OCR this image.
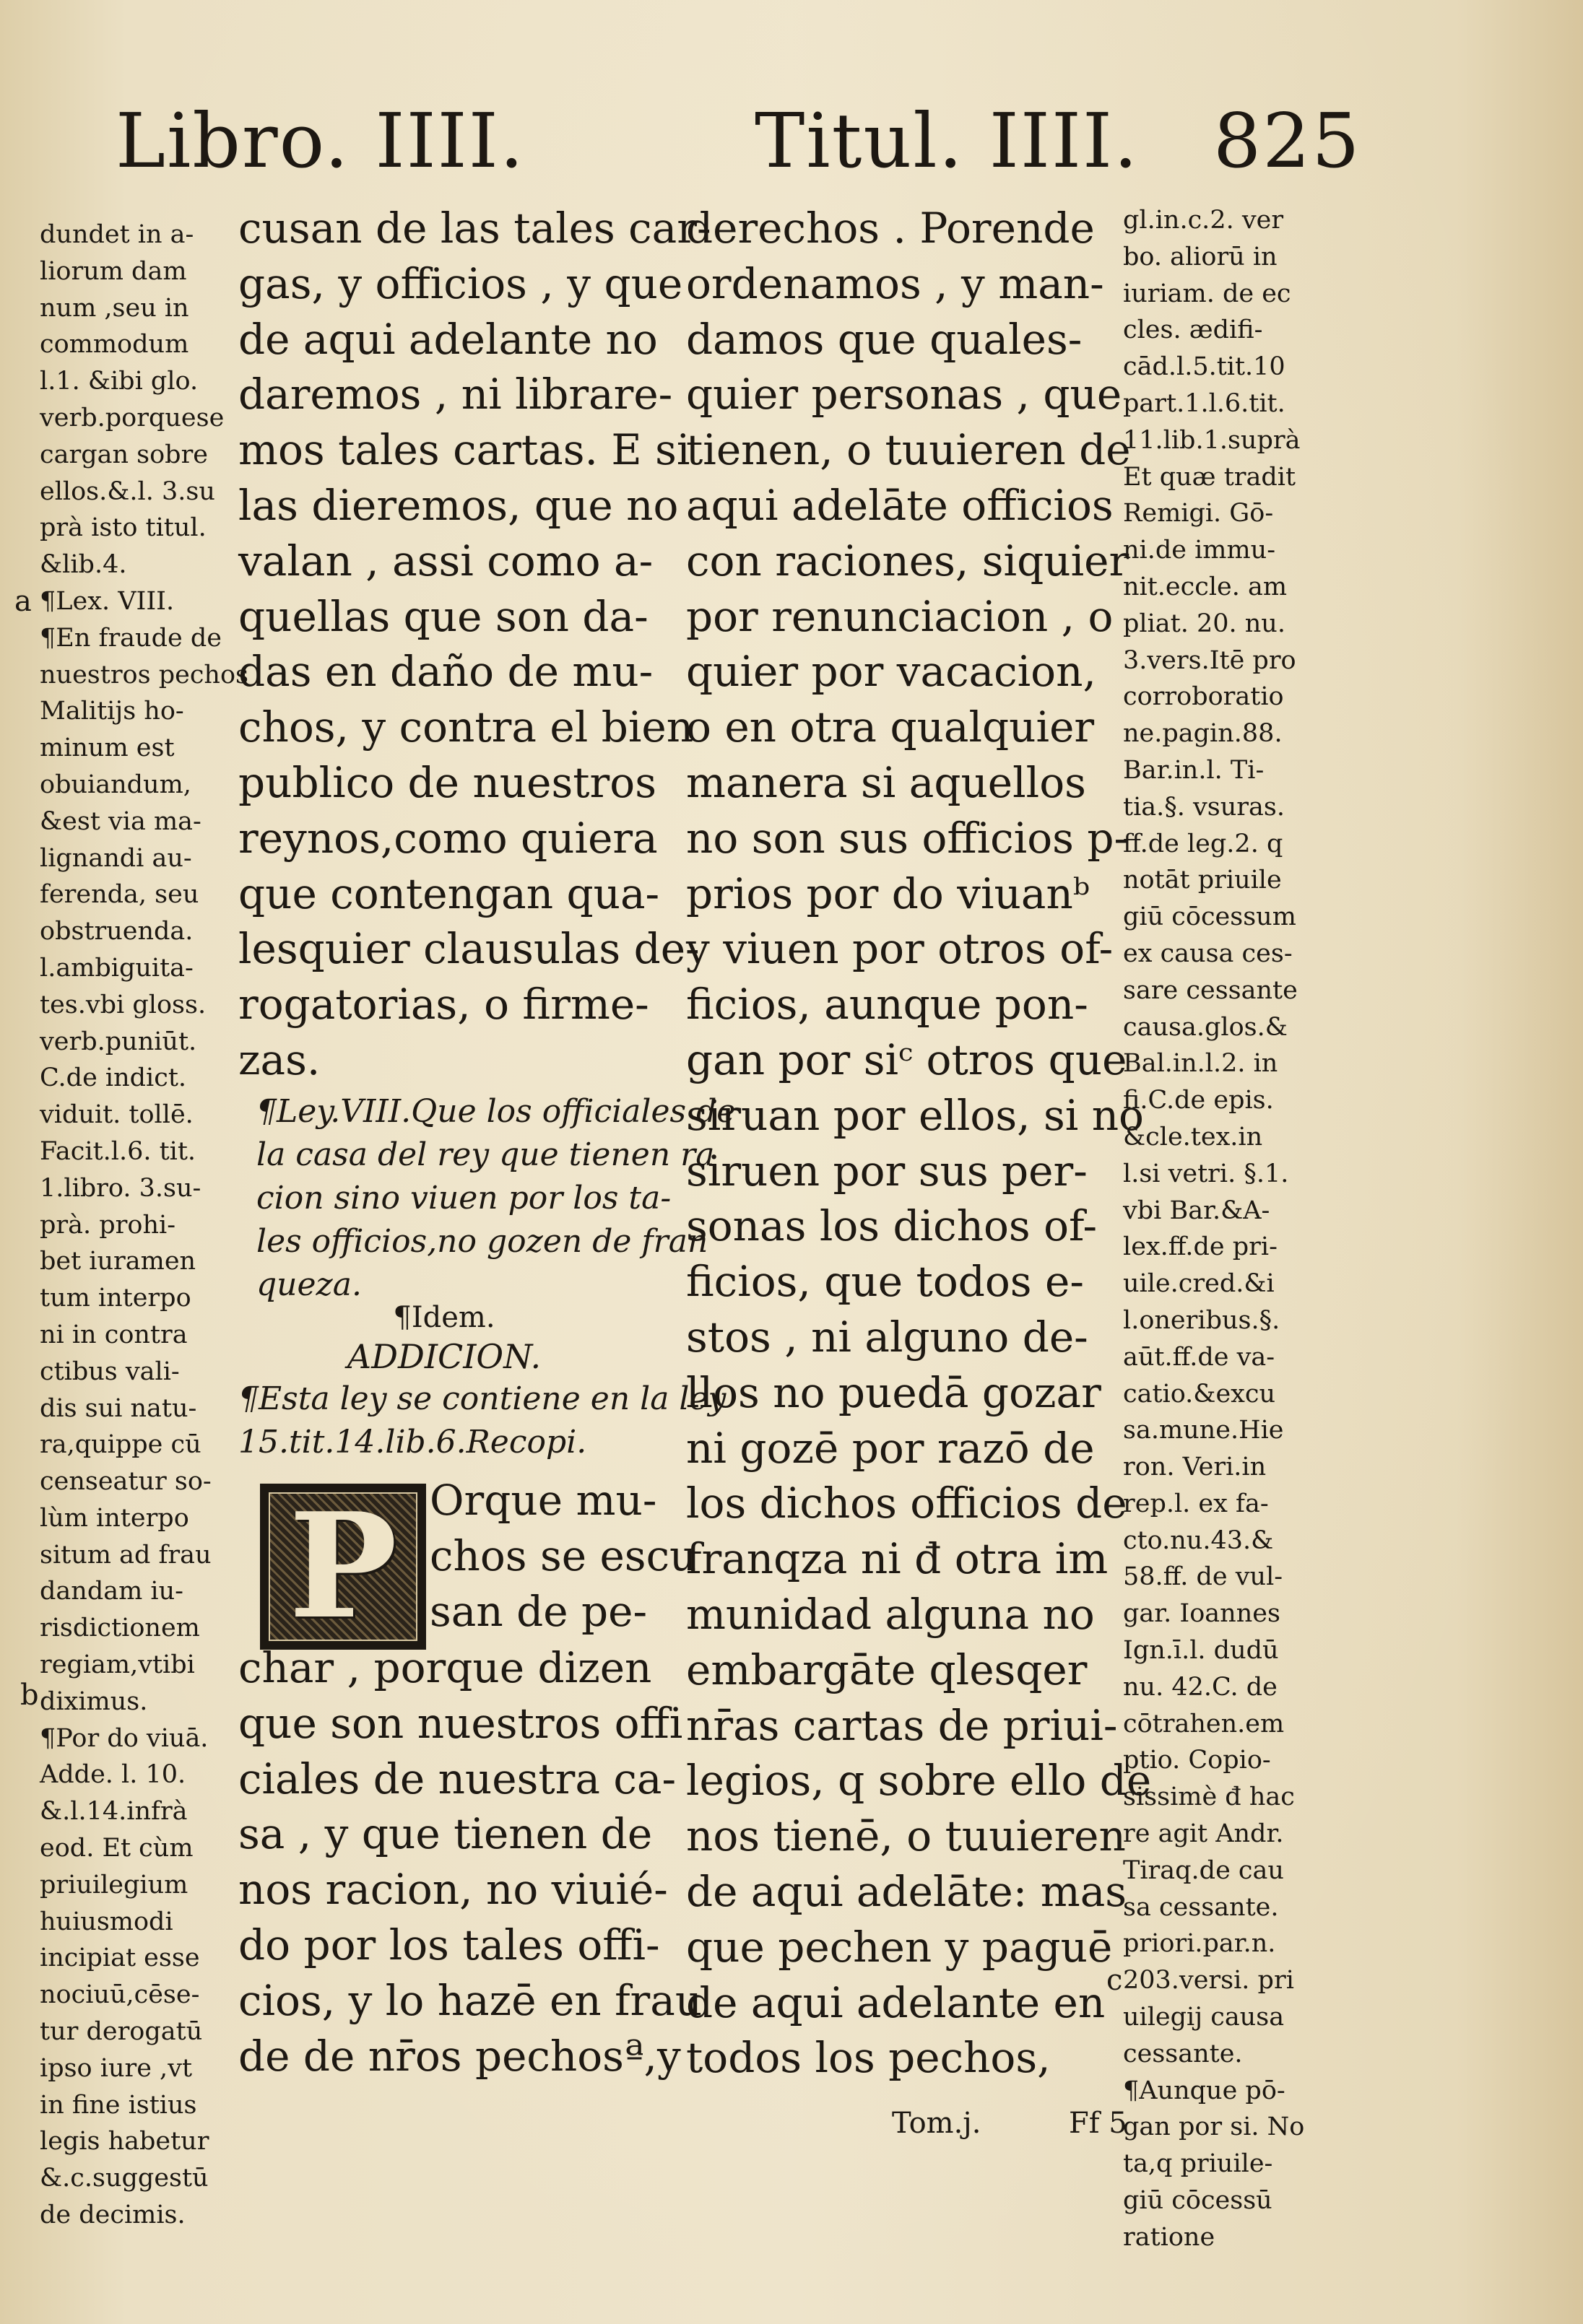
Libro. IIII.	Titul. IIII. 825
dundet in a-
liorum dam
num ,seu in
commodum
l.1. &ibi glo.
verb.porquese
cargan sobre
ellos.&.l. 3.su
prà isto titul.
&lib.4.
¶Lex. VIII.
¶En fraude de
nuestros pechos
Malitijs ho-
minum est
obuiandum,
&est via ma-
lignandi au-
ferenda, seu
obstruenda.
l.ambiguita-
tes.vbi gloss.
verb.puniūt.
C.de indict.
viduit. tollē.
Facit.l.6. tit.
1.libro. 3.su-
prà. prohi-
bet iuramen
tum interpo
ni in contra
ctibus vali-
dis sui natu-
ra,quippe cū
censeatur so-
lùm interpo
situm ad frau
dandam iu-
risdictionem
regiam,vtibi
diximus.
¶Por do viuā.
Adde. l. 10.
&.l.14.infrà
eod. Et cùm
priuilegium
huiusmodi
incipiat esse
nociuū,cēse-
tur derogatū
ipso iure ,vt
in fine istius
legis habetur
&.c.suggestū
de decimis.
a
b
c
cusan de las tales car-
gas, y officios , y que
de aqui adelante no
daremos , ni librare-
mos tales cartas. E si
las dieremos, que no
valan , assi como a-
quellas que son da-
das en daño de mu-
chos, y contra el bien
publico de nuestros
reynos,como quiera
que contengan qua-
lesquier clausulas de-
rogatorias, o firme-
zas.
¶Ley.VIII.Que los officiales de
la casa del rey que tienen ra
cion sino viuen por los ta-
les officios,no gozen de fran
queza.
¶Idem.
ADDICION.
¶Esta ley se contiene en la ley
15.tit.14.lib.6.Recopi.
P Orque mu-
chos se escu
san de pe-
char , porque dizen
que son nuestros offi
ciales de nuestra ca-
sa , y que tienen de
nos racion, no viuié-
do por los tales offi-
cios, y lo hazē en frau
de de nr̄os pechosª,y
derechos . Porende
ordenamos , y man-
damos que quales-
quier personas , que
tienen, o tuuieren de
aqui adelāte officios
con raciones, siquier
por renunciacion , o
quier por vacacion,
o en otra qualquier
manera si aquellos
no son sus officios p-
prios por do viuanᵇ
y viuen por otros of-
ficios, aunque pon-
gan por siᶜ otros que
siruan por ellos, si no
siruen por sus per-
sonas los dichos of-
ficios, que todos e-
stos , ni alguno de-
llos no puedā gozar
ni gozē por razō de
los dichos officios de
franqza ni đ otra im
munidad alguna no
embargāte qlesqer
nr̄as cartas de priui-
legios, q sobre ello de
nos tienē, o tuuieren
de aqui adelāte: mas
que pechen y paguē
de aqui adelante en
todos los pechos,
gl.in.c.2. ver
bo. aliorū in
iuriam. de ec
cles. ædifi-
cād.l.5.tit.10
part.1.l.6.tit.
11.lib.1.suprà
Et quæ tradit
Remigi. Gō-
ni.de immu-
nit.eccle. am
pliat. 20. nu.
3.vers.Itē pro
corroboratio
ne.pagin.88.
Bar.in.l. Ti-
tia.§. vsuras.
ff.de leg.2. q
notāt priuile
giū cōcessum
ex causa ces-
sare cessante
causa.glos.&
Bal.in.l.2. in
fi.C.de epis.
&cle.tex.in
l.si vetri. §.1.
vbi Bar.&A-
lex.ff.de pri-
uile.cred.&i
l.oneribus.§.
aūt.ff.de va-
catio.&excu
sa.mune.Hie
ron. Veri.in
rep.l. ex fa-
cto.nu.43.&
58.ff. de vul-
gar. Ioannes
Ign.ī.l. dudū
nu. 42.C. de
cōtrahen.em
ptio. Copio-
sissimè đ hac
re agit Andr.
Tiraq.de cau
sa cessante.
priori.par.n.
203.versi. pri
uilegij causa
cessante.
¶Aunque pō-
gan por si. No
ta,q priuile-
giū cōcessū
ratione
Tom.j.	Ff 5
